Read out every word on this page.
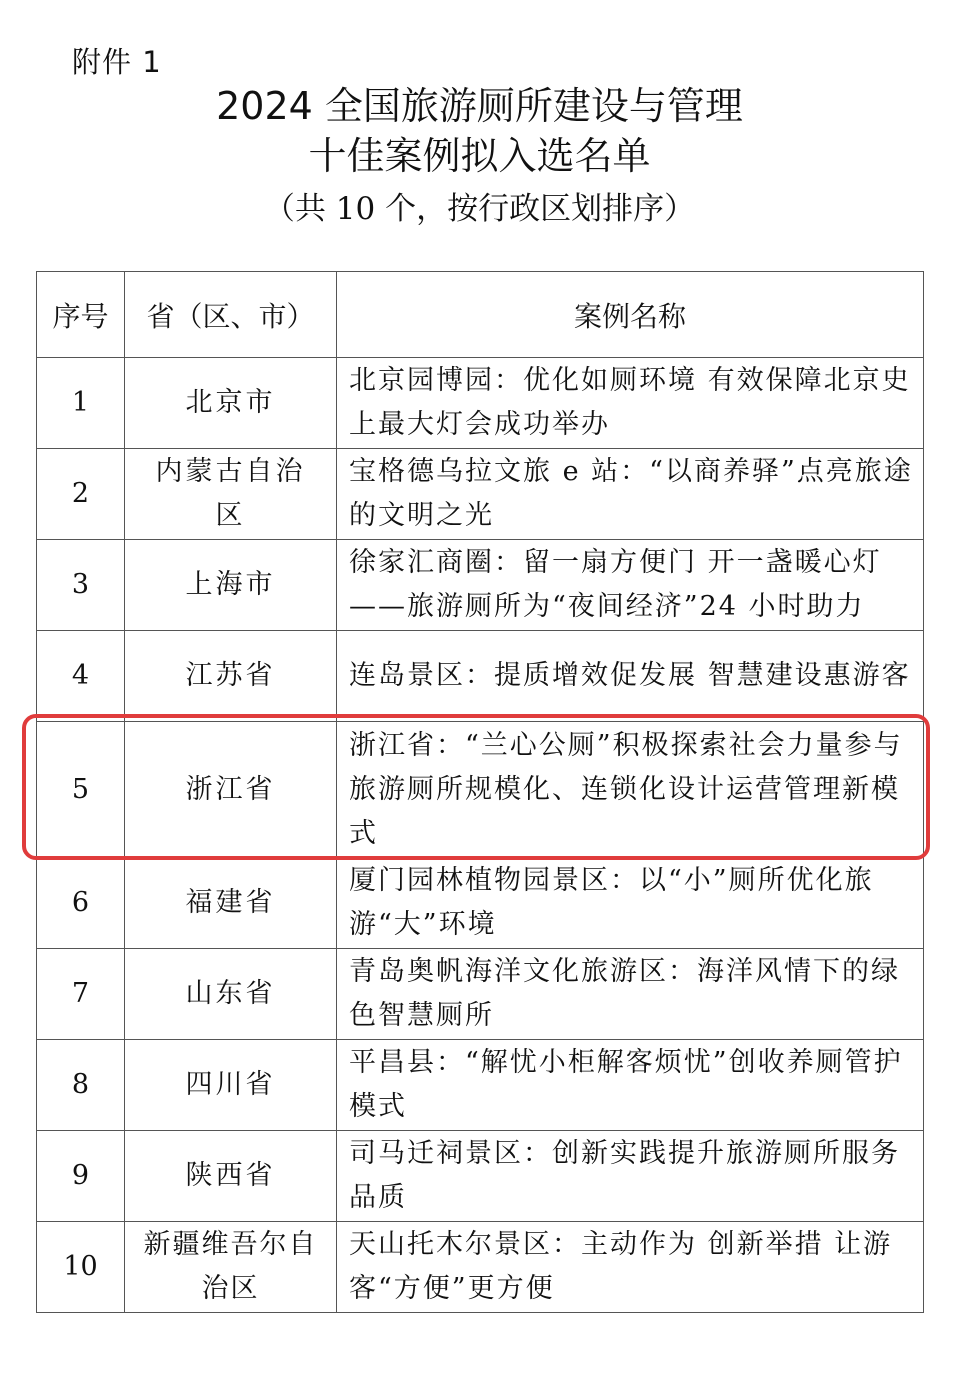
附件 1
2024 全国旅游厕所建设与管理
十佳案例拟入选名单
（共 10 个，按行政区划排序）
序号	省（区、市）	案例名称
1	北京市	北京园博园：优化如厕环境 有效保障北京史上最大灯会成功举办
2	内蒙古自治区	宝格德乌拉文旅 e 站：“以商养驿”点亮旅途的文明之光
3	上海市	徐家汇商圈：留一扇方便门 开一盏暖心灯——旅游厕所为“夜间经济”24 小时助力
4	江苏省	连岛景区：提质增效促发展 智慧建设惠游客
5	浙江省	浙江省：“兰心公厕”积极探索社会力量参与旅游厕所规模化、连锁化设计运营管理新模式
6	福建省	厦门园林植物园景区：以“小”厕所优化旅游“大”环境
7	山东省	青岛奥帆海洋文化旅游区：海洋风情下的绿色智慧厕所
8	四川省	平昌县：“解忧小柜解客烦忧”创收养厕管护模式
9	陕西省	司马迁祠景区：创新实践提升旅游厕所服务品质
10	新疆维吾尔自治区	天山托木尔景区：主动作为 创新举措 让游客“方便”更方便
